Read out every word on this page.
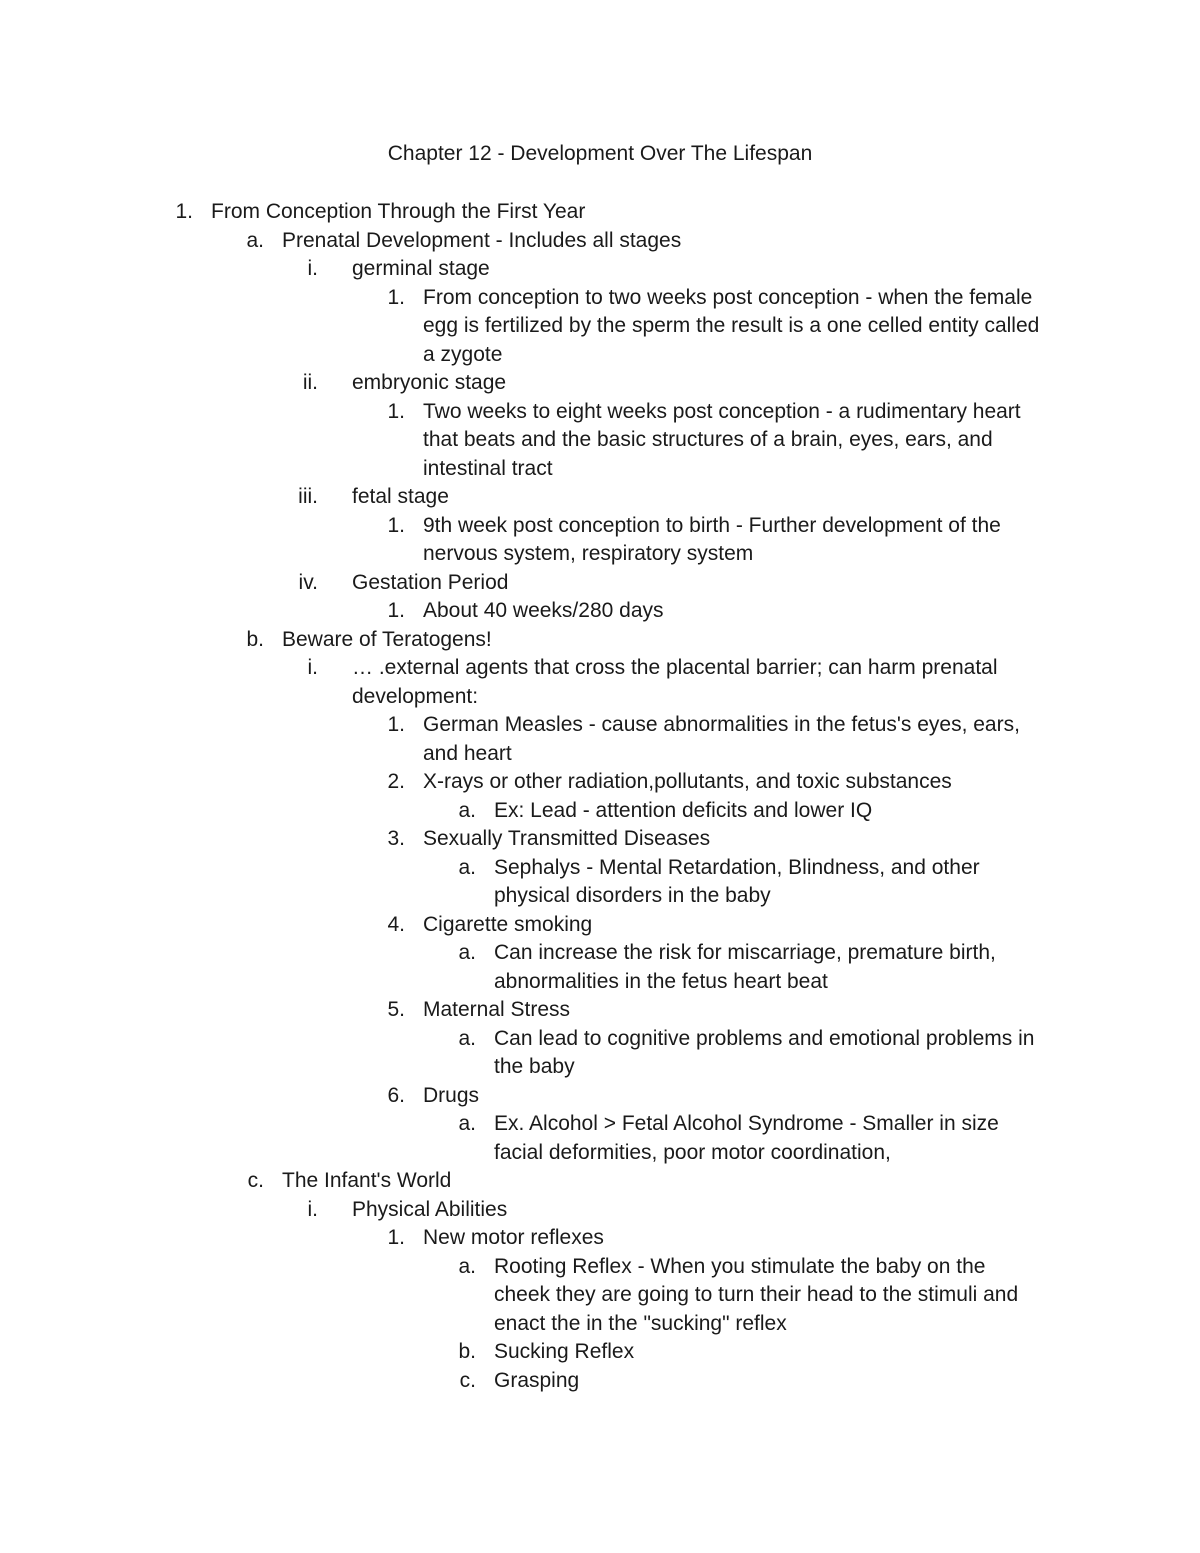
Chapter 12 - Development Over The Lifespan
1. From Conception Through the First Year
a. Prenatal Development - Includes all stages
i. germinal stage
1. From conception to two weeks post conception - when the female
egg is fertilized by the sperm the result is a one celled entity called
a zygote
ii. embryonic stage
1. Two weeks to eight weeks post conception - a rudimentary heart
that beats and the basic structures of a brain, eyes, ears, and
intestinal tract
iii. fetal stage
1. 9th week post conception to birth - Further development of the
nervous system, respiratory system
iv. Gestation Period
1. About 40 weeks/280 days
b. Beware of Teratogens!
i. … .external agents that cross the placental barrier; can harm prenatal
development:
1. German Measles - cause abnormalities in the fetus's eyes, ears,
and heart
2. X-rays or other radiation,pollutants, and toxic substances
a. Ex: Lead - attention deficits and lower IQ
3. Sexually Transmitted Diseases
a. Sephalys - Mental Retardation, Blindness, and other
physical disorders in the baby
4. Cigarette smoking
a. Can increase the risk for miscarriage, premature birth,
abnormalities in the fetus heart beat
5. Maternal Stress
a. Can lead to cognitive problems and emotional problems in
the baby
6. Drugs
a. Ex. Alcohol > Fetal Alcohol Syndrome - Smaller in size
facial deformities, poor motor coordination,
c. The Infant's World
i. Physical Abilities
1. New motor reflexes
a. Rooting Reflex - When you stimulate the baby on the
cheek they are going to turn their head to the stimuli and
enact the in the "sucking" reflex
b. Sucking Reflex
c. Grasping
